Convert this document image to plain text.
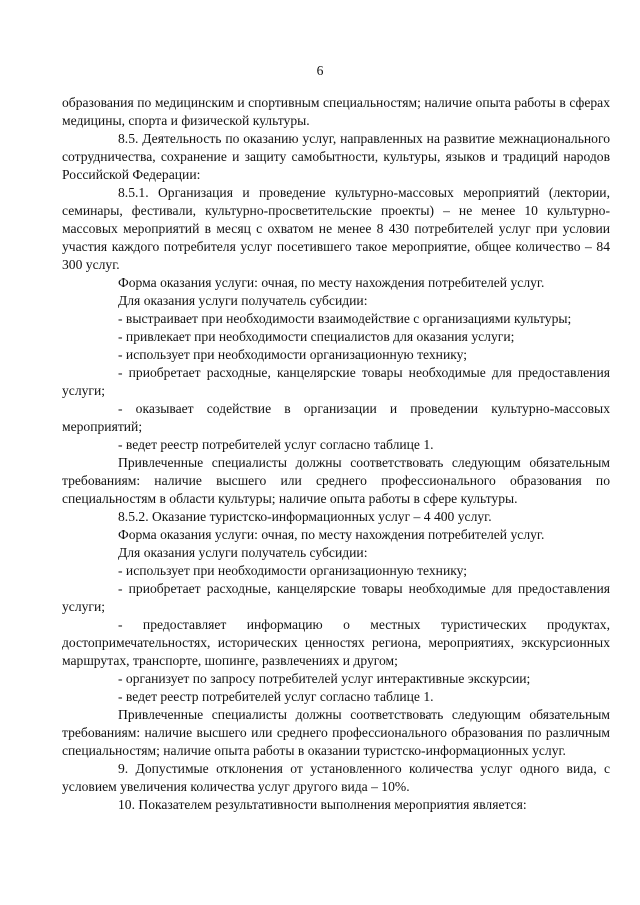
6

образования по медицинским и спортивным специальностям; наличие опыта работы в сферах медицины, спорта и физической культуры.

8.5. Деятельность по оказанию услуг, направленных на развитие межнационального сотрудничества, сохранение и защиту самобытности, культуры, языков и традиций народов Российской Федерации:

8.5.1. Организация и проведение культурно-массовых мероприятий (лектории, семинары, фестивали, культурно-просветительские проекты) – не менее 10 культурно-массовых мероприятий в месяц с охватом не менее 8 430 потребителей услуг при условии участия каждого потребителя услуг посетившего такое мероприятие, общее количество – 84 300 услуг.

Форма оказания услуги: очная, по месту нахождения потребителей услуг.

Для оказания услуги получатель субсидии:

- выстраивает при необходимости взаимодействие с организациями культуры;

- привлекает при необходимости специалистов для оказания услуги;

- использует при необходимости организационную технику;

- приобретает расходные, канцелярские товары необходимые для предоставления услуги;

- оказывает содействие в организации и проведении культурно-массовых мероприятий;

- ведет реестр потребителей услуг согласно таблице 1.

Привлеченные специалисты должны соответствовать следующим обязательным требованиям: наличие высшего или среднего профессионального образования по специальностям в области культуры; наличие опыта работы в сфере культуры.

8.5.2. Оказание туристско-информационных услуг – 4 400 услуг.

Форма оказания услуги: очная, по месту нахождения потребителей услуг.

Для оказания услуги получатель субсидии:

- использует при необходимости организационную технику;

- приобретает расходные, канцелярские товары необходимые для предоставления услуги;

- предоставляет информацию о местных туристических продуктах, достопримечательностях, исторических ценностях региона, мероприятиях, экскурсионных маршрутах, транспорте, шопинге, развлечениях и другом;

- организует по запросу потребителей услуг интерактивные экскурсии;

- ведет реестр потребителей услуг согласно таблице 1.

Привлеченные специалисты должны соответствовать следующим обязательным требованиям: наличие высшего или среднего профессионального образования по различным специальностям; наличие опыта работы в оказании туристско-информационных услуг.

9. Допустимые отклонения от установленного количества услуг одного вида, с условием увеличения количества услуг другого вида – 10%.

10. Показателем результативности выполнения мероприятия является:
